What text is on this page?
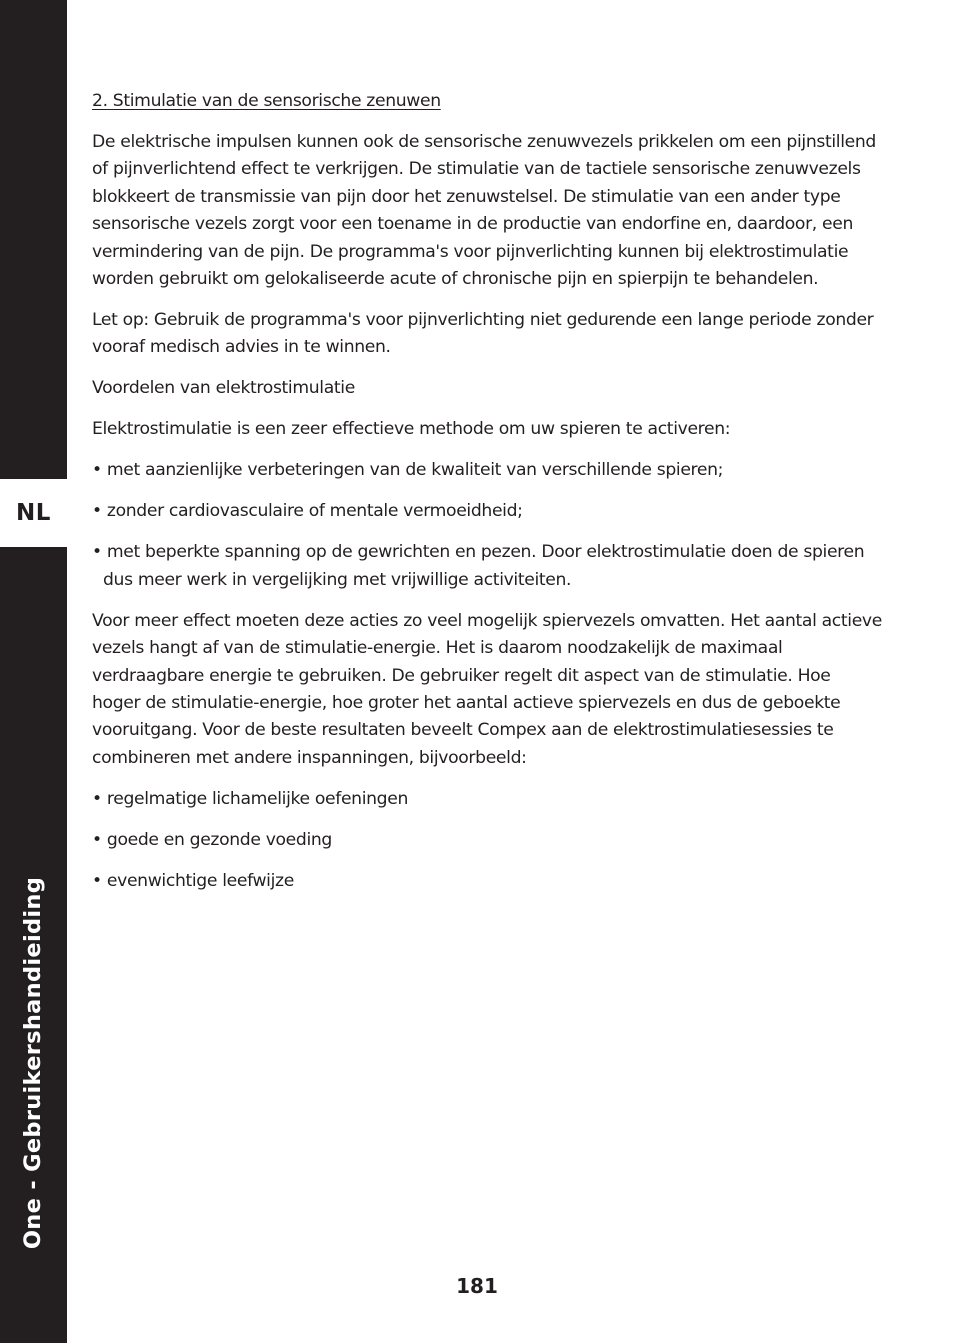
NL
One - Gebruikershandieiding

2. Stimulatie van de sensorische zenuwen

De elektrische impulsen kunnen ook de sensorische zenuwvezels prikkelen om een pijnstillend of pijnverlichtend effect te verkrijgen. De stimulatie van de tactiele sensorische zenuwvezels blokkeert de transmissie van pijn door het zenuwstelsel. De stimulatie van een ander type sensorische vezels zorgt voor een toename in de productie van endorfine en, daardoor, een vermindering van de pijn. De programma's voor pijnverlichting kunnen bij elektrostimulatie worden gebruikt om gelokaliseerde acute of chronische pijn en spierpijn te behandelen.

Let op: Gebruik de programma's voor pijnverlichting niet gedurende een lange periode zonder vooraf medisch advies in te winnen.

Voordelen van elektrostimulatie

Elektrostimulatie is een zeer effectieve methode om uw spieren te activeren:

• met aanzienlijke verbeteringen van de kwaliteit van verschillende spieren;

• zonder cardiovasculaire of mentale vermoeidheid;

• met beperkte spanning op de gewrichten en pezen. Door elektrostimulatie doen de spieren dus meer werk in vergelijking met vrijwillige activiteiten.

Voor meer effect moeten deze acties zo veel mogelijk spiervezels omvatten. Het aantal actieve vezels hangt af van de stimulatie-energie. Het is daarom noodzakelijk de maximaal verdraagbare energie te gebruiken. De gebruiker regelt dit aspect van de stimulatie. Hoe hoger de stimulatie-energie, hoe groter het aantal actieve spiervezels en dus de geboekte vooruitgang. Voor de beste resultaten beveelt Compex aan de elektrostimulatiesessies te combineren met andere inspanningen, bijvoorbeeld:

• regelmatige lichamelijke oefeningen

• goede en gezonde voeding

• evenwichtige leefwijze

181
